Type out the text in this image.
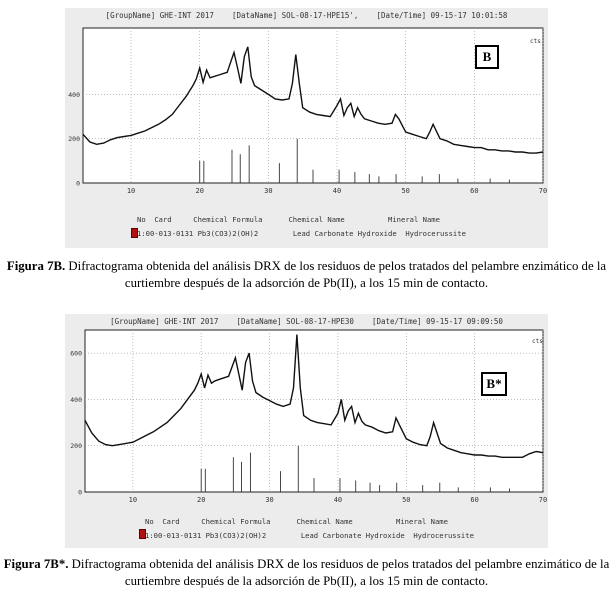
[GroupName] GHE-INT 2017    [DataName] SOL-08-17-HPE15',    [Date/Time] 09-15-17 10:01:58
10	20	30	40	50	60	70
0
200
400
cts
B
No Card	Chemical Formula	Chemical Name	Mineral Name
1:00-013-0131 Pb3(CO3)2(OH)2	Lead Carbonate Hydroxide Hydrocerussite
Figura 7B. Difractograma obtenida del análisis DRX de los residuos de pelos tratados del pelambre enzimático de la curtiembre después de la adsorción de Pb(II), a los 15 min de contacto.
[GroupName] GHE-INT 2017    [DataName] SOL-08-17-HPE30    [Date/Time] 09-15-17 09:09:50
10	20	30	40	50	60	70
0
200
400
600
cts
B*
No Card	Chemical Formula	Chemical Name	Mineral Name
1:00-013-0131 Pb3(CO3)2(OH)2	Lead Carbonate Hydroxide Hydrocerussite
Figura 7B*. Difractograma obtenida del análisis DRX de los residuos de pelos tratados del pelambre enzimático de la curtiembre después de la adsorción de Pb(II), a los 15 min de contacto.
